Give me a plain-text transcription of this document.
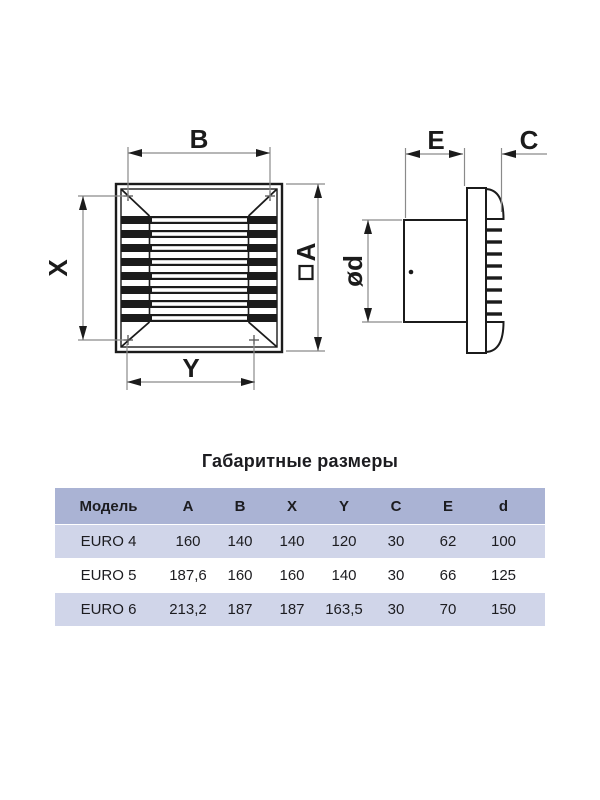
B
X
Y
A
E	C
ød
Габаритные размеры
Модель	A	B	X	Y	C	E	d
EURO 4	160	140	140	120	30	62	100
EURO 5	187,6	160	160	140	30	66	125
EURO 6	213,2	187	187	163,5	30	70	150
